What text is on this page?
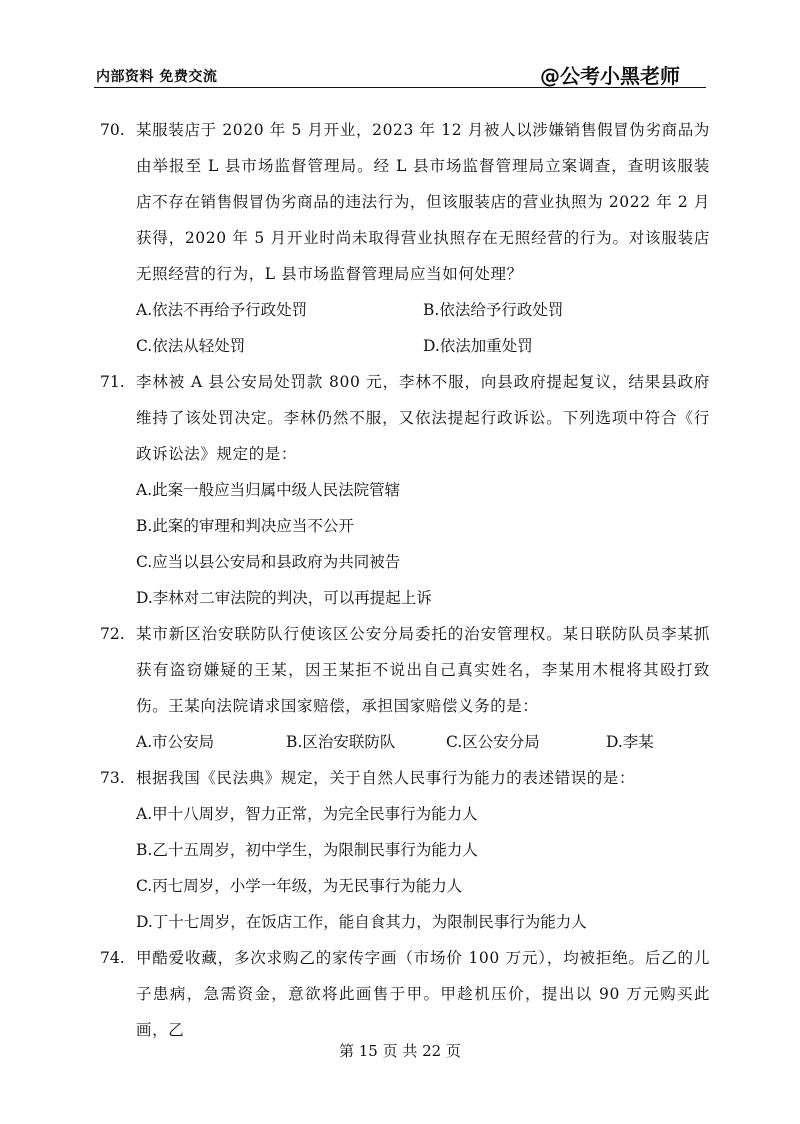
内部资料 免费交流	@公考小黑老师
70. 某服装店于 2020 年 5 月开业，2023 年 12 月被人以涉嫌销售假冒伪劣商品为由举报至 L 县市场监督管理局。经 L 县市场监督管理局立案调查，查明该服装店不存在销售假冒伪劣商品的违法行为，但该服装店的营业执照为 2022 年 2 月获得，2020 年 5 月开业时尚未取得营业执照存在无照经营的行为。对该服装店无照经营的行为，L 县市场监督管理局应当如何处理？
A.依法不再给予行政处罚	B.依法给予行政处罚
C.依法从轻处罚	D.依法加重处罚
71. 李林被 A 县公安局处罚款 800 元，李林不服，向县政府提起复议，结果县政府维持了该处罚决定。李林仍然不服，又依法提起行政诉讼。下列选项中符合《行政诉讼法》规定的是：
A.此案一般应当归属中级人民法院管辖
B.此案的审理和判决应当不公开
C.应当以县公安局和县政府为共同被告
D.李林对二审法院的判决，可以再提起上诉
72. 某市新区治安联防队行使该区公安分局委托的治安管理权。某日联防队员李某抓获有盗窃嫌疑的王某，因王某拒不说出自己真实姓名，李某用木棍将其殴打致伤。王某向法院请求国家赔偿，承担国家赔偿义务的是：
A.市公安局	B.区治安联防队	C.区公安分局	D.李某
73. 根据我国《民法典》规定，关于自然人民事行为能力的表述错误的是：
A.甲十八周岁，智力正常，为完全民事行为能力人
B.乙十五周岁，初中学生，为限制民事行为能力人
C.丙七周岁，小学一年级，为无民事行为能力人
D.丁十七周岁，在饭店工作，能自食其力，为限制民事行为能力人
74. 甲酷爱收藏，多次求购乙的家传字画（市场价 100 万元），均被拒绝。后乙的儿子患病，急需资金，意欲将此画售于甲。甲趁机压价，提出以 90 万元购买此画，乙
第 15 页 共 22 页
